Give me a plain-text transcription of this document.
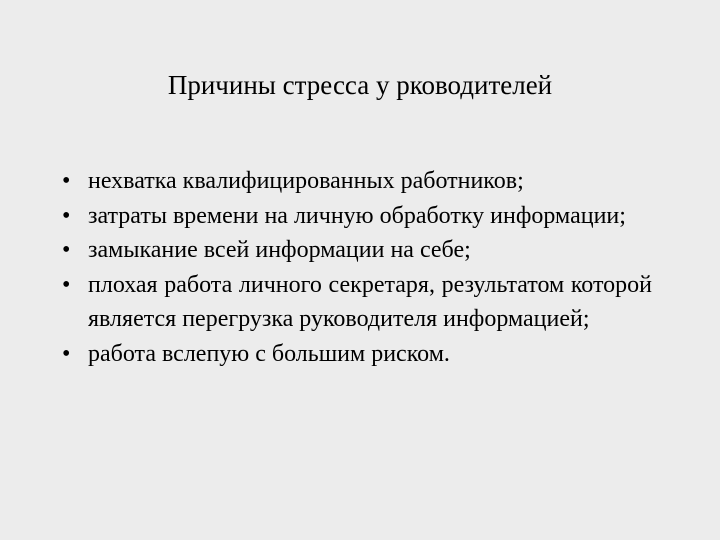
Причины стресса у рководителей
• нехватка квалифицированных работников;
• затраты времени на личную обработку информации;
• замыкание всей информации на себе;
• плохая работа личного секретаря, результатом которой является перегрузка руководителя информацией;
• работа вслепую с большим риском.
